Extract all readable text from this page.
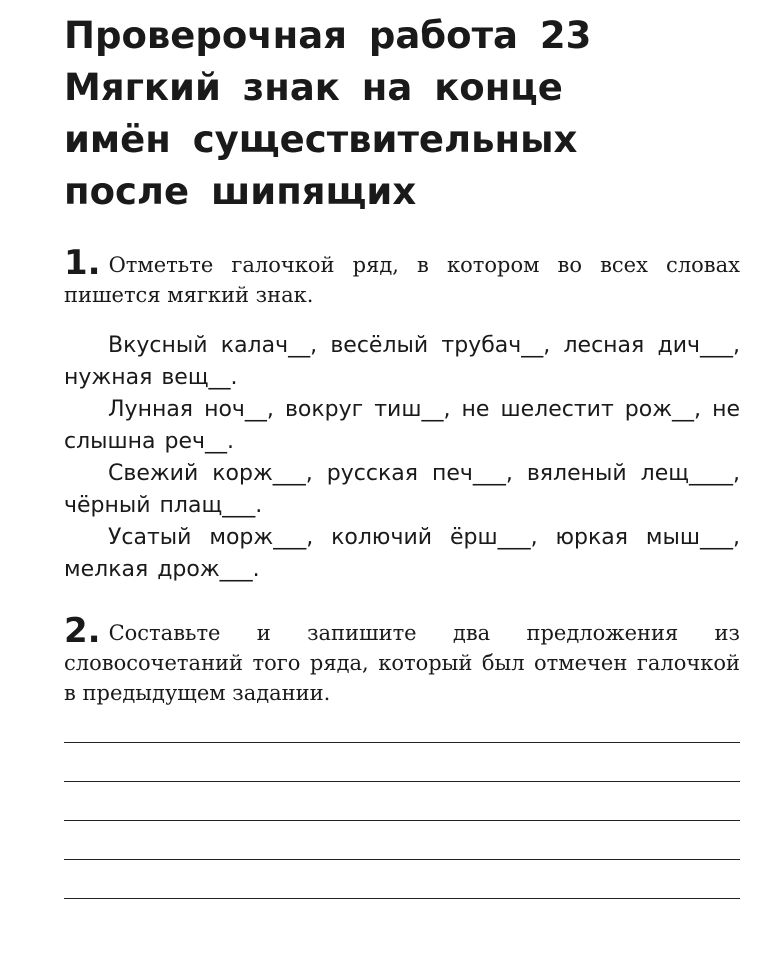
Проверочная работа 23
Мягкий знак на конце
имён существительных
после шипящих

1. Отметьте галочкой ряд, в котором во всех словах пишется мягкий знак.

Вкусный калач__, весёлый трубач__, лесная дич___, нужная вещ__.

Лунная ноч__, вокруг тиш__, не шелестит рож__, не слышна реч__.

Свежий корж___, русская печ___, вяленый лещ____, чёрный плащ___.

Усатый морж___, колючий ёрш___, юркая мыш___, мелкая дрож___.

2. Составьте и запишите два предложения из словосочетаний того ряда, который был отмечен галочкой в предыдущем задании.
